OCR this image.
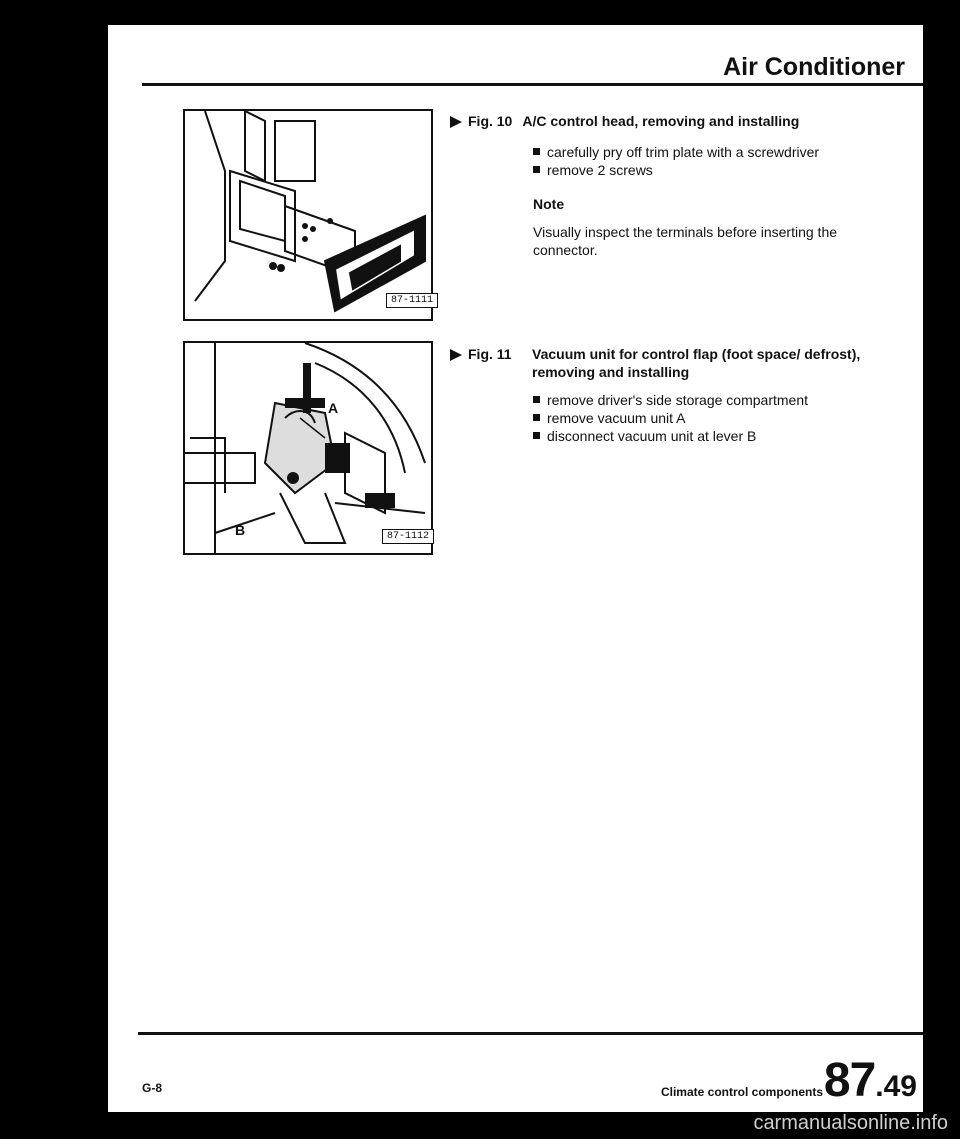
Air Conditioner
87-1111
Fig. 10 A/C control head, removing and installing
carefully pry off trim plate with a screwdriver
remove 2 screws
Note
Visually inspect the terminals before inserting the connector.
A
B	87-1112
Fig. 11 Vacuum unit for control flap (foot space/ defrost), removing and installing
remove driver's side storage compartment
remove vacuum unit A
disconnect vacuum unit at lever B
G-8	Climate control components 87.49
carmanualsonline.info
